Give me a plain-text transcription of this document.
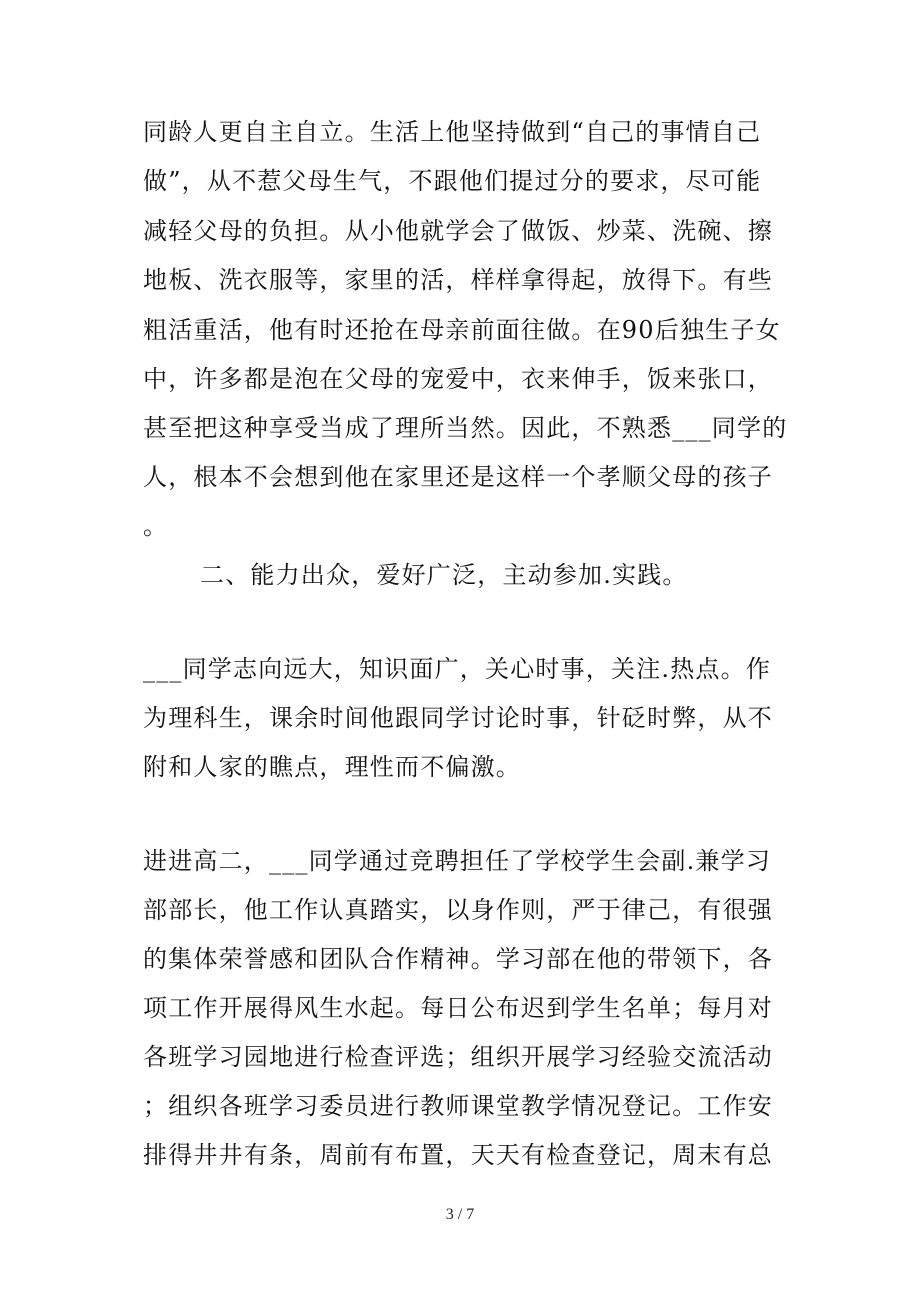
同龄人更自主自立。生活上他坚持做到“自己的事情自己
做”，从不惹父母生气，不跟他们提过分的要求，尽可能
减轻父母的负担。从小他就学会了做饭、炒菜、洗碗、擦
地板、洗衣服等，家里的活，样样拿得起，放得下。有些
粗活重活，他有时还抢在母亲前面往做。在90后独生子女
中，许多都是泡在父母的宠爱中，衣来伸手，饭来张口，
甚至把这种享受当成了理所当然。因此，不熟悉___同学的
人，根本不会想到他在家里还是这样一个孝顺父母的孩子
。
二、能力出众，爱好广泛，主动参加.实践。
___同学志向远大，知识面广，关心时事，关注.热点。作
为理科生，课余时间他跟同学讨论时事，针砭时弊，从不
附和人家的瞧点，理性而不偏激。
进进高二，___同学通过竞聘担任了学校学生会副.兼学习
部部长，他工作认真踏实，以身作则，严于律己，有很强
的集体荣誉感和团队合作精神。学习部在他的带领下，各
项工作开展得风生水起。每日公布迟到学生名单；每月对
各班学习园地进行检查评选；组织开展学习经验交流活动
；组织各班学习委员进行教师课堂教学情况登记。工作安
排得井井有条，周前有布置，天天有检查登记，周末有总
3 / 7
